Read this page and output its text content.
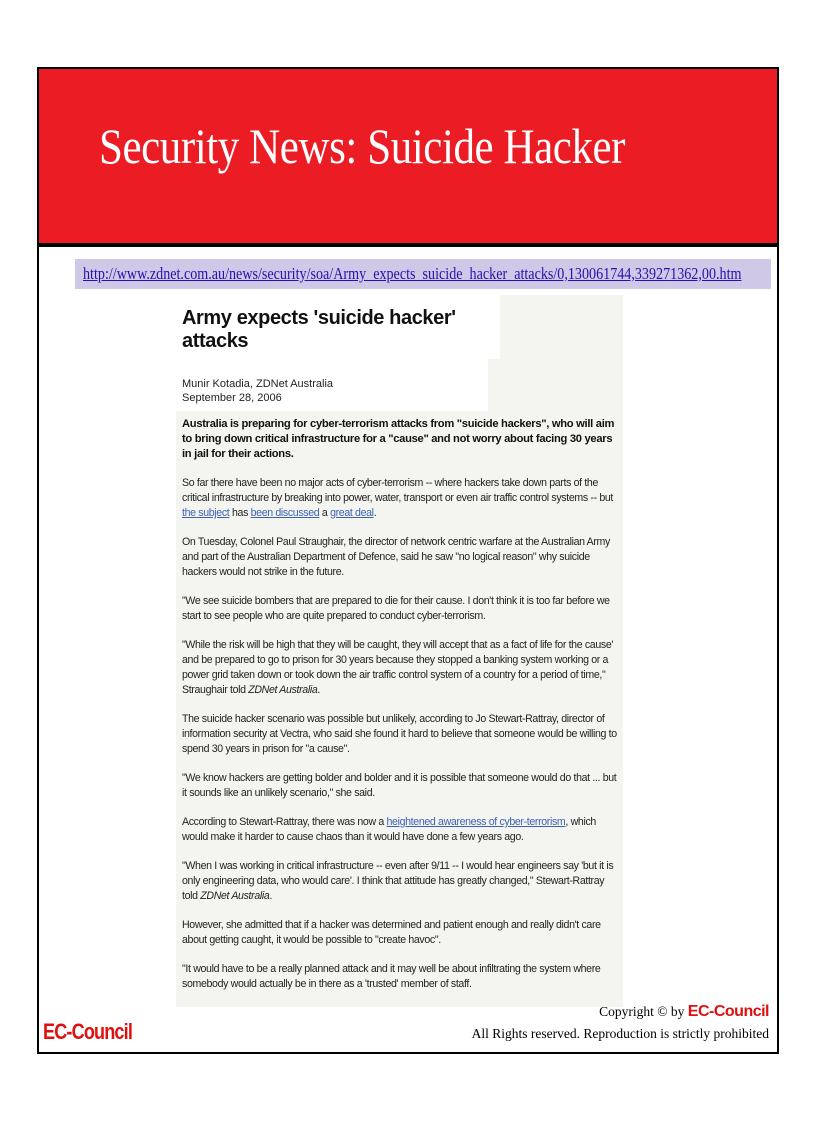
Security News: Suicide Hacker
http://www.zdnet.com.au/news/security/soa/Army_expects_suicide_hacker_attacks/0,130061744,339271362,00.htm
Army expects 'suicide hacker' attacks
Munir Kotadia, ZDNet Australia
September 28, 2006

Australia is preparing for cyber-terrorism attacks from "suicide hackers", who will aim to bring down critical infrastructure for a "cause" and not worry about facing 30 years in jail for their actions.

So far there have been no major acts of cyber-terrorism -- where hackers take down parts of the critical infrastructure by breaking into power, water, transport or even air traffic control systems -- but the subject has been discussed a great deal.

On Tuesday, Colonel Paul Straughair, the director of network centric warfare at the Australian Army and part of the Australian Department of Defence, said he saw "no logical reason" why suicide hackers would not strike in the future.

"We see suicide bombers that are prepared to die for their cause. I don't think it is too far before we start to see people who are quite prepared to conduct cyber-terrorism.

"While the risk will be high that they will be caught, they will accept that as a fact of life for the cause' and be prepared to go to prison for 30 years because they stopped a banking system working or a power grid taken down or took down the air traffic control system of a country for a period of time," Straughair told ZDNet Australia.

The suicide hacker scenario was possible but unlikely, according to Jo Stewart-Rattray, director of information security at Vectra, who said she found it hard to believe that someone would be willing to spend 30 years in prison for "a cause".

"We know hackers are getting bolder and bolder and it is possible that someone would do that ... but it sounds like an unlikely scenario," she said.

According to Stewart-Rattray, there was now a heightened awareness of cyber-terrorism, which would make it harder to cause chaos than it would have done a few years ago.

"When I was working in critical infrastructure -- even after 9/11 -- I would hear engineers say 'but it is only engineering data, who would care'. I think that attitude has greatly changed," Stewart-Rattray told ZDNet Australia.

However, she admitted that if a hacker was determined and patient enough and really didn't care about getting caught, it would be possible to "create havoc".

"It would have to be a really planned attack and it may well be about infiltrating the system where somebody would actually be in there as a 'trusted' member of staff.

Copyright © by EC-Council
All Rights reserved. Reproduction is strictly prohibited
EC-Council
